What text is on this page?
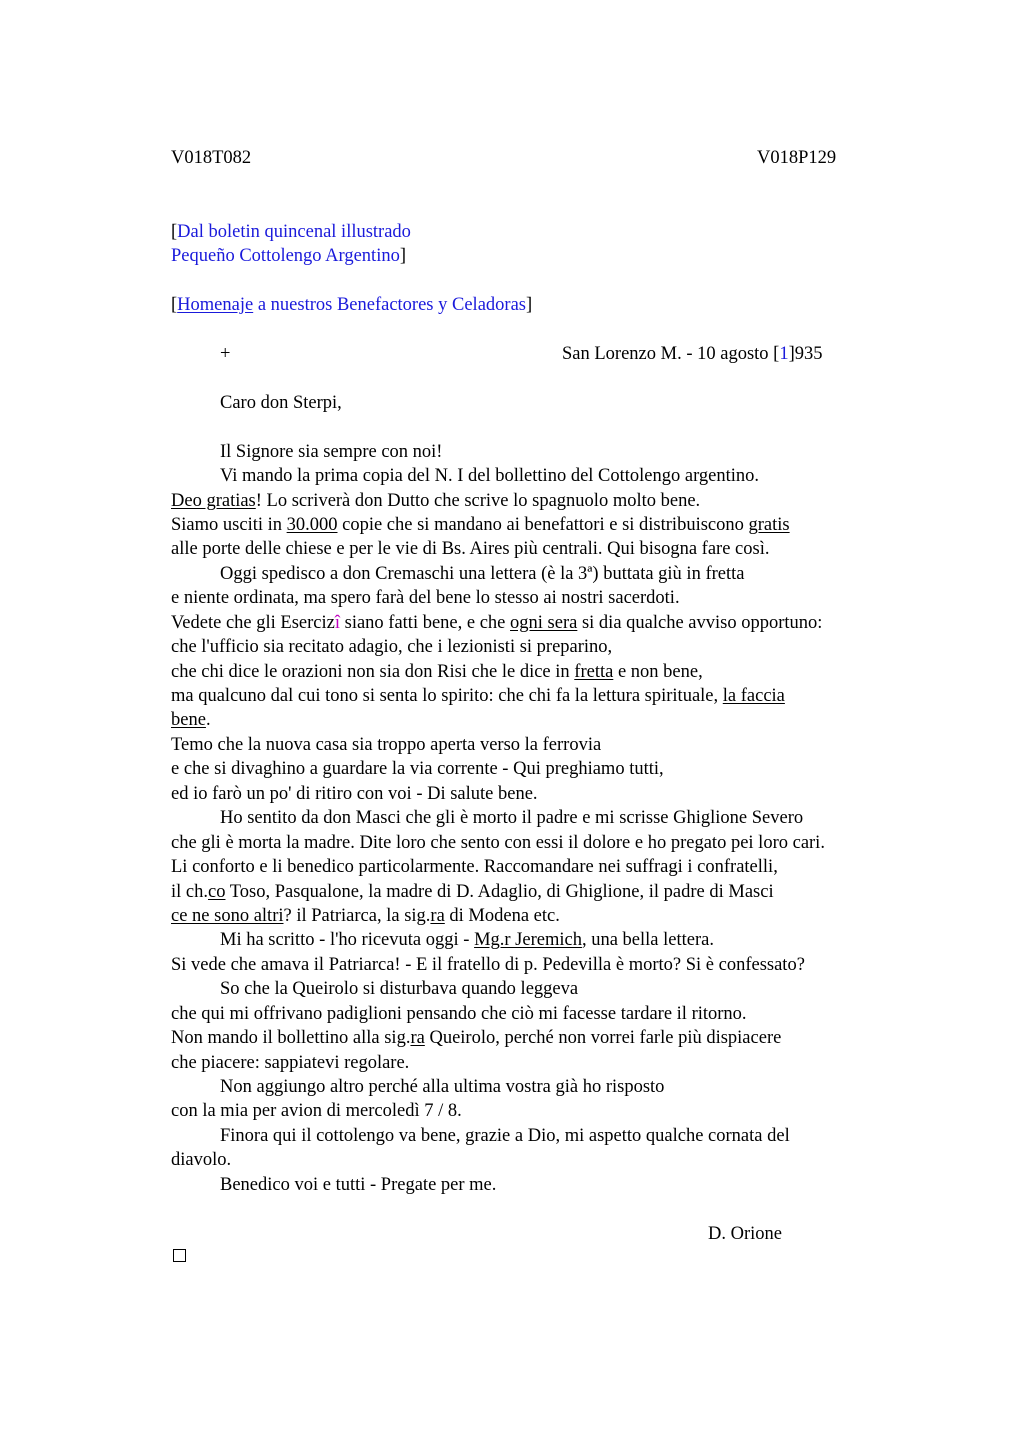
V018T082	V018P129
[Dal boletin quincenal illustrado
Pequeño Cottolengo Argentino]
[Homenaje a nuestros Benefactores y Celadoras]
+	San Lorenzo M. - 10 agosto [1]935
Caro don Sterpi,
Il Signore sia sempre con noi!
Vi mando la prima copia del N. I del bollettino del Cottolengo argentino.
Deo gratias! Lo scriverà don Dutto che scrive lo spagnuolo molto bene.
Siamo usciti in 30.000 copie che si mandano ai benefattori e si distribuiscono gratis
alle porte delle chiese e per le vie di Bs. Aires più centrali. Qui bisogna fare così.
Oggi spedisco a don Cremaschi una lettera (è la 3ª) buttata giù in fretta
e niente ordinata, ma spero farà del bene lo stesso ai nostri sacerdoti.
Vedete che gli Esercizî siano fatti bene, e che ogni sera si dia qualche avviso opportuno:
che l'ufficio sia recitato adagio, che i lezionisti si preparino,
che chi dice le orazioni non sia don Risi che le dice in fretta e non bene,
ma qualcuno dal cui tono si senta lo spirito: che chi fa la lettura spirituale, la faccia
bene.
Temo che la nuova casa sia troppo aperta verso la ferrovia
e che si divaghino a guardare la via corrente - Qui preghiamo tutti,
ed io farò un po' di ritiro con voi - Di salute bene.
Ho sentito da don Masci che gli è morto il padre e mi scrisse Ghiglione Severo
che gli è morta la madre. Dite loro che sento con essi il dolore e ho pregato pei loro cari.
Li conforto e li benedico particolarmente. Raccomandare nei suffragi i confratelli,
il ch.co Toso, Pasqualone, la madre di D. Adaglio, di Ghiglione, il padre di Masci
ce ne sono altri? il Patriarca, la sig.ra di Modena etc.
Mi ha scritto - l'ho ricevuta oggi - Mg.r Jeremich, una bella lettera.
Si vede che amava il Patriarca! - E il fratello di p. Pedevilla è morto? Si è confessato?
So che la Queirolo si disturbava quando leggeva
che qui mi offrivano padiglioni pensando che ciò mi facesse tardare il ritorno.
Non mando il bollettino alla sig.ra Queirolo, perché non vorrei farle più dispiacere
che piacere: sappiatevi regolare.
Non aggiungo altro perché alla ultima vostra già ho risposto
con la mia per avion di mercoledì 7 / 8.
Finora qui il cottolengo va bene, grazie a Dio, mi aspetto qualche cornata del
diavolo.
Benedico voi e tutti - Pregate per me.
D. Orione
